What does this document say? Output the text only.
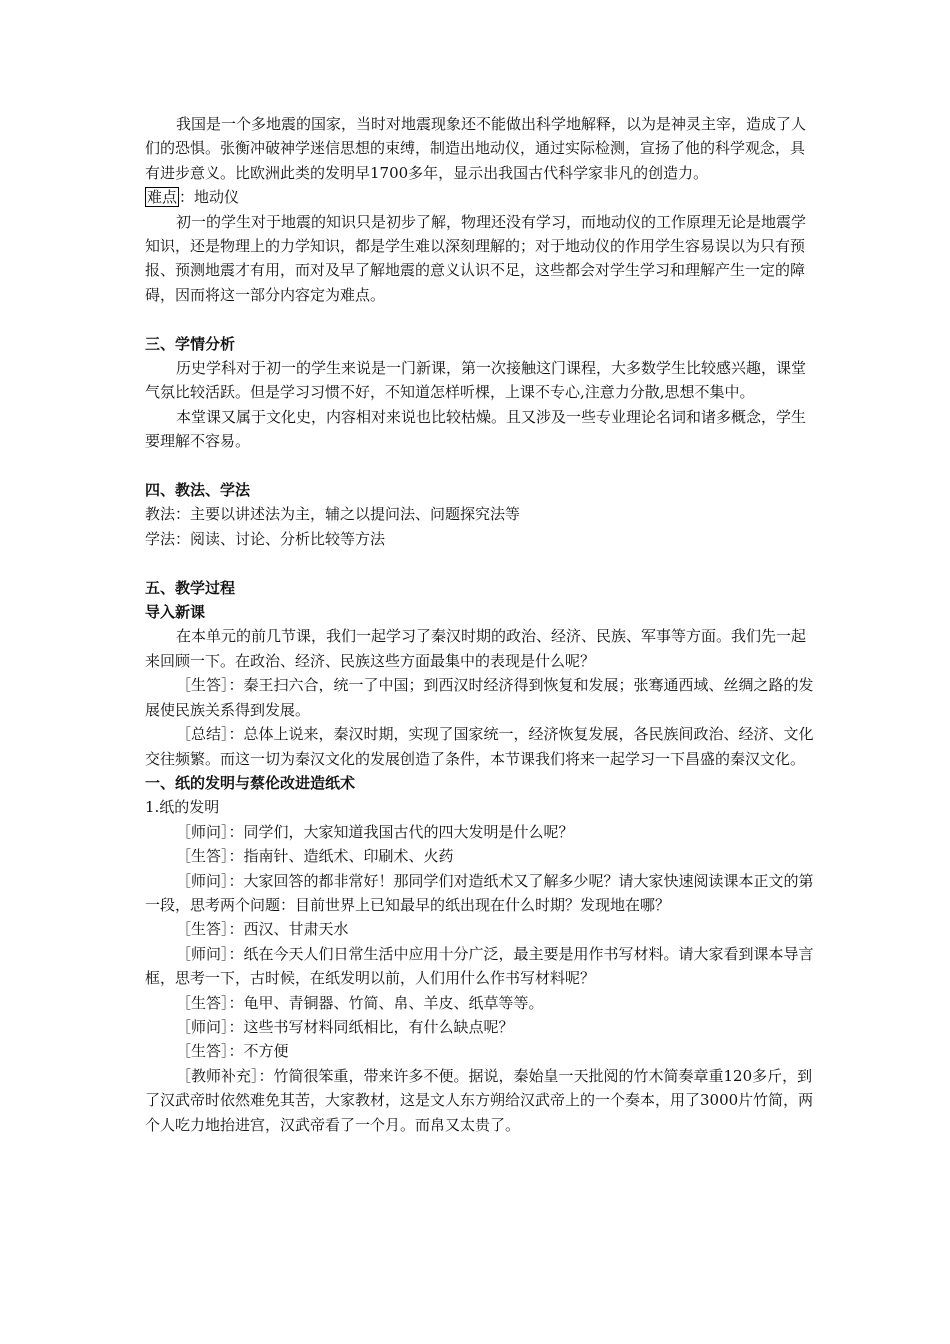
我国是一个多地震的国家，当时对地震现象还不能做出科学地解释，以为是神灵主宰，造成了人们的恐惧。张衡冲破神学迷信思想的束缚，制造出地动仪，通过实际检测，宣扬了他的科学观念，具有进步意义。比欧洲此类的发明早1700多年，显示出我国古代科学家非凡的创造力。

难点 ：地动仪

初一的学生对于地震的知识只是初步了解，物理还没有学习，而地动仪的工作原理无论是地震学知识，还是物理上的力学知识，都是学生难以深刻理解的；对于地动仪的作用学生容易误以为只有预报、预测地震才有用，而对及早了解地震的意义认识不足，这些都会对学生学习和理解产生一定的障碍，因而将这一部分内容定为难点。

三、学情分析

历史学科对于初一的学生来说是一门新课，第一次接触这门课程，大多数学生比较感兴趣，课堂气氛比较活跃。但是学习习惯不好，不知道怎样听棵，上课不专心,注意力分散,思想不集中。

本堂课又属于文化史，内容相对来说也比较枯燥。且又涉及一些专业理论名词和诸多概念，学生要理解不容易。

四、教法、学法

教法：主要以讲述法为主，辅之以提问法、问题探究法等

学法：阅读、讨论、分析比较等方法

五、教学过程

导入新课

在本单元的前几节课，我们一起学习了秦汉时期的政治、经济、民族、军事等方面。我们先一起来回顾一下。在政治、经济、民族这些方面最集中的表现是什么呢？

［生答］：秦王扫六合，统一了中国；到西汉时经济得到恢复和发展；张骞通西域、丝绸之路的发展使民族关系得到发展。

［总结］：总体上说来，秦汉时期，实现了国家统一，经济恢复发展，各民族间政治、经济、文化交往频繁。而这一切为秦汉文化的发展创造了条件，本节课我们将来一起学习一下昌盛的秦汉文化。

一、纸的发明与蔡伦改进造纸术

1.纸的发明

［师问］：同学们，大家知道我国古代的四大发明是什么呢？

［生答］：指南针、造纸术、印刷术、火药

［师问］：大家回答的都非常好！那同学们对造纸术又了解多少呢？请大家快速阅读课本正文的第一段，思考两个问题：目前世界上已知最早的纸出现在什么时期？发现地在哪？

［生答］：西汉、甘肃天水

［师问］：纸在今天人们日常生活中应用十分广泛，最主要是用作书写材料。请大家看到课本导言框，思考一下，古时候，在纸发明以前，人们用什么作书写材料呢？

［生答］：龟甲、青铜器、竹简、帛、羊皮、纸草等等。

［师问］：这些书写材料同纸相比，有什么缺点呢？

［生答］：不方便

［教师补充］：竹简很笨重，带来许多不便。据说，秦始皇一天批阅的竹木简奏章重120多斤，到了汉武帝时依然难免其苦，大家教材，这是文人东方朔给汉武帝上的一个奏本，用了3000片竹简，两个人吃力地抬进宫，汉武帝看了一个月。而帛又太贵了。
